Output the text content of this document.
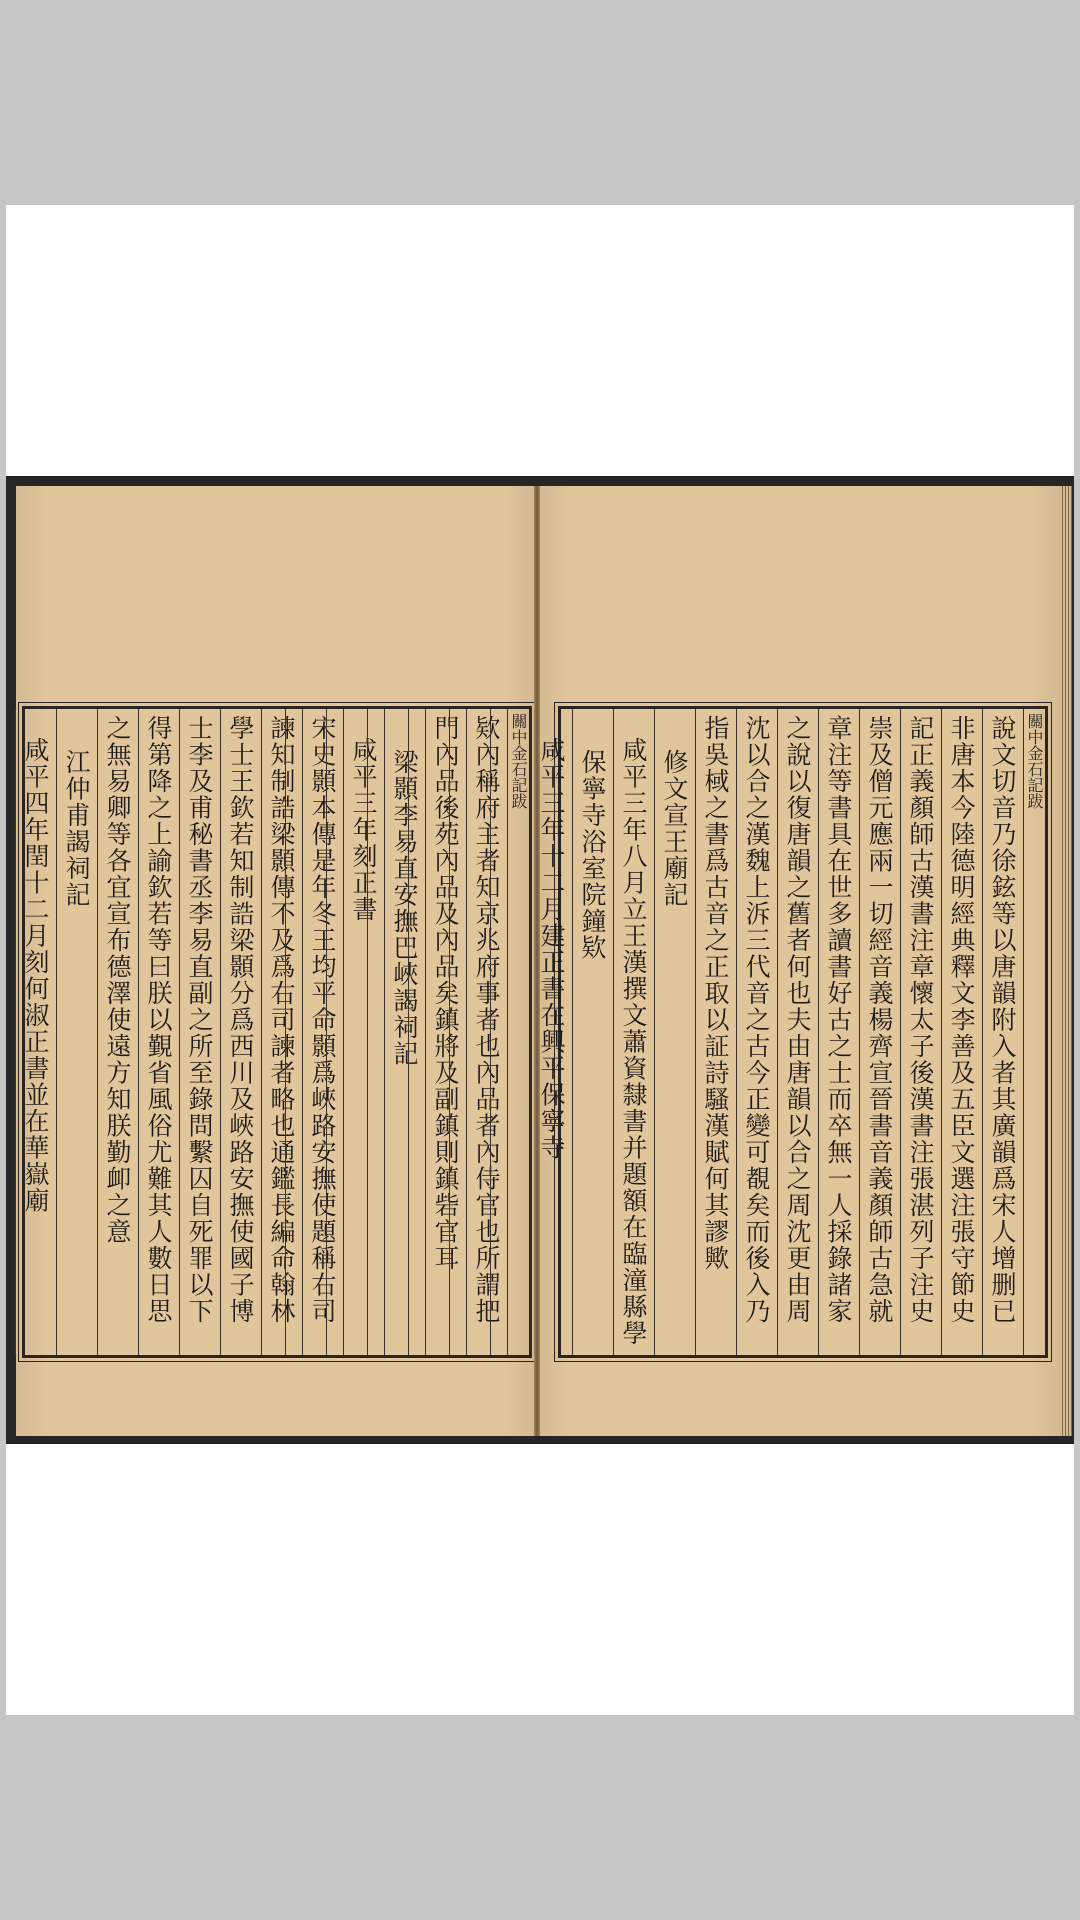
關中金石記跋
欵內稱府主者知京兆府事者也內品者內侍官也所謂把
門內品後苑內品及內品矣鎮將及副鎮則鎮砦官耳
梁顥李易直安撫巴峽謁祠記
咸平三年刻正書
宋史顥本傳是年冬王均平命顥爲峽路安撫使題稱右司
諫知制誥梁顥傳不及爲右司諫者略也通鑑長編命翰林
學士王欽若知制誥梁顥分爲西川及峽路安撫使國子博
士李及甫秘書丞李易直副之所至錄問繫囚自死罪以下
得第降之上諭欽若等曰朕以覲省風俗尤難其人數日思
之無易卿等各宜宣布德澤使遠方知朕勤卹之意
江仲甫謁祠記
咸平四年閏十二月刻何淑正書並在華嶽廟	關中金石記跋
說文切音乃徐鉉等以唐韻附入者其廣韻爲宋人增删已
非唐本今陸德明經典釋文李善及五臣文選注張守節史
記正義顏師古漢書注章懷太子後漢書注張湛列子注史
崇及僧元應兩一切經音義楊齊宣晉書音義顏師古急就
章注等書具在世多讀書好古之士而卒無一人採錄諸家
之說以復唐韻之舊者何也夫由唐韻以合之周沈更由周
沈以合之漢魏上泝三代音之古今正變可覩矣而後入乃
指吳棫之書爲古音之正取以証詩騷漢賦何其謬歟
修文宣王廟記
咸平三年八月立王漢撰文蕭資隸書并題額在臨潼縣學
保寧寺浴室院鐘欵
咸平三年十二月建正書在興平保寧寺
